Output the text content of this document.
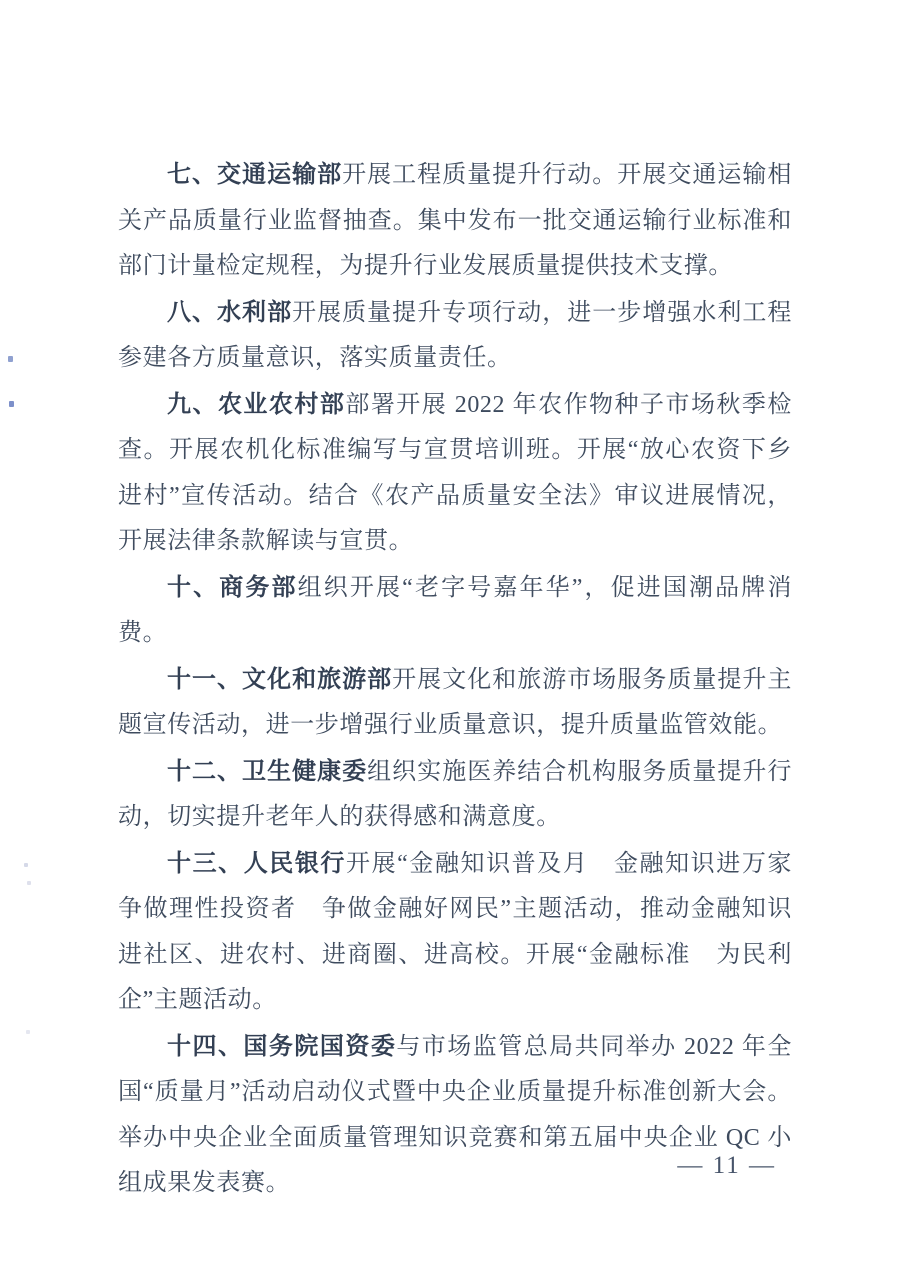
七、交通运输部开展工程质量提升行动。开展交通运输相关产品质量行业监督抽查。集中发布一批交通运输行业标准和部门计量检定规程，为提升行业发展质量提供技术支撑。

八、水利部开展质量提升专项行动，进一步增强水利工程参建各方质量意识，落实质量责任。

九、农业农村部部署开展 2022 年农作物种子市场秋季检查。开展农机化标准编写与宣贯培训班。开展“放心农资下乡进村”宣传活动。结合《农产品质量安全法》审议进展情况，开展法律条款解读与宣贯。

十、商务部组织开展“老字号嘉年华”，促进国潮品牌消费。

十一、文化和旅游部开展文化和旅游市场服务质量提升主题宣传活动，进一步增强行业质量意识，提升质量监管效能。

十二、卫生健康委组织实施医养结合机构服务质量提升行动，切实提升老年人的获得感和满意度。

十三、人民银行开展“金融知识普及月　金融知识进万家　争做理性投资者　争做金融好网民”主题活动，推动金融知识进社区、进农村、进商圈、进高校。开展“金融标准　为民利企”主题活动。

十四、国务院国资委与市场监管总局共同举办 2022 年全国“质量月”活动启动仪式暨中央企业质量提升标准创新大会。举办中央企业全面质量管理知识竞赛和第五届中央企业 QC 小组成果发表赛。

— 11 —
